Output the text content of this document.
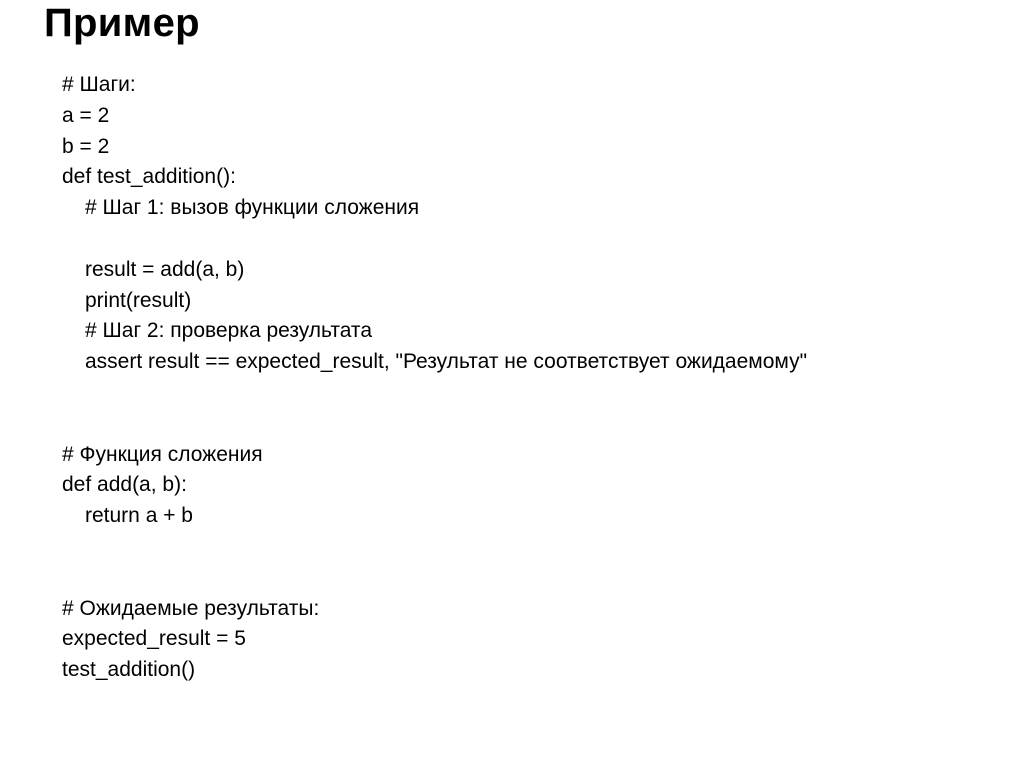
Пример
# Шаги:
a = 2
b = 2
def test_addition():
# Шаг 1: вызов функции сложения
result = add(a, b)
print(result)
# Шаг 2: проверка результата
assert result == expected_result, "Результат не соответствует ожидаемому"
# Функция сложения
def add(a, b):
return a + b
# Ожидаемые результаты:
expected_result = 5
test_addition()
